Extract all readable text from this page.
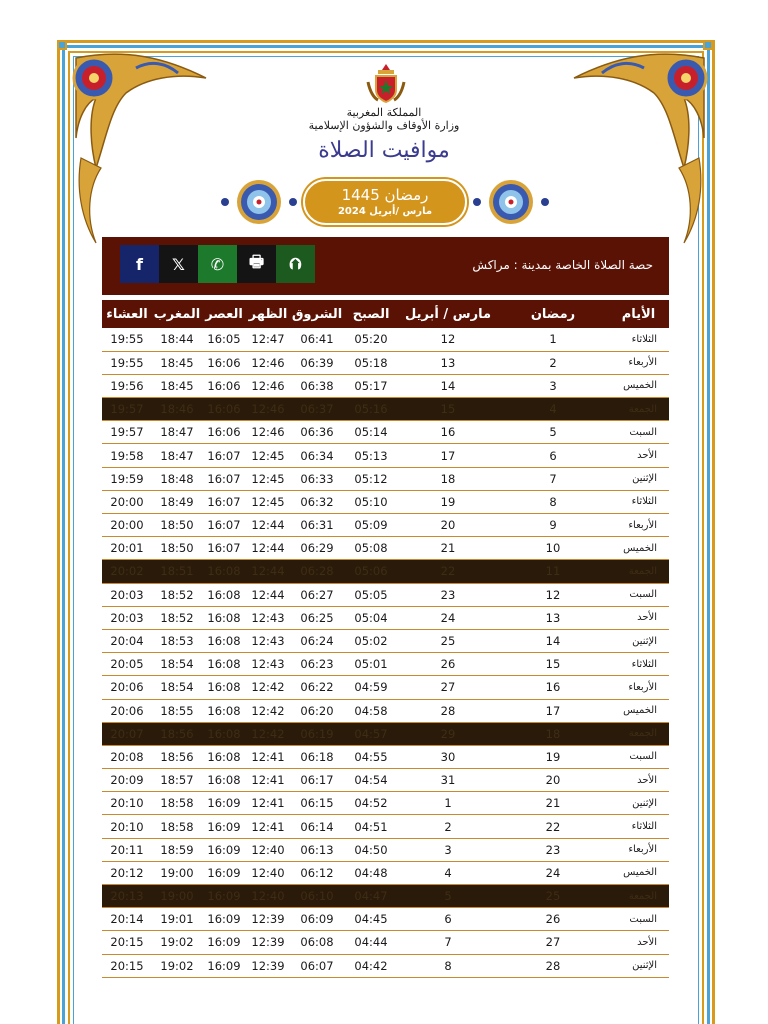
المملكة المغربية
وزارة الأوقاف والشؤون الإسلامية
موافيت الصلاة
رمضان 1445
مارس /أبريل 2024
f	𝕏	✆	🖶	⮉	حصة الصلاة الخاصة بمدينة : مراكش
العشاء	المغرب	العصر	الظهر	الشروق	الصبح	مارس / أبريل	رمضان	الأيام
19:55	18:44	16:05	12:47	06:41	05:20	12	1	الثلاثاء
19:55	18:45	16:06	12:46	06:39	05:18	13	2	الأربعاء
19:56	18:45	16:06	12:46	06:38	05:17	14	3	الخميس
19:57	18:46	16:06	12:46	06:37	05:16	15	4	الجمعة
19:57	18:47	16:06	12:46	06:36	05:14	16	5	السبت
19:58	18:47	16:07	12:45	06:34	05:13	17	6	الأحد
19:59	18:48	16:07	12:45	06:33	05:12	18	7	الإثنين
20:00	18:49	16:07	12:45	06:32	05:10	19	8	الثلاثاء
20:00	18:50	16:07	12:44	06:31	05:09	20	9	الأربعاء
20:01	18:50	16:07	12:44	06:29	05:08	21	10	الخميس
20:02	18:51	16:08	12:44	06:28	05:06	22	11	الجمعة
20:03	18:52	16:08	12:44	06:27	05:05	23	12	السبت
20:03	18:52	16:08	12:43	06:25	05:04	24	13	الأحد
20:04	18:53	16:08	12:43	06:24	05:02	25	14	الإثنين
20:05	18:54	16:08	12:43	06:23	05:01	26	15	الثلاثاء
20:06	18:54	16:08	12:42	06:22	04:59	27	16	الأربعاء
20:06	18:55	16:08	12:42	06:20	04:58	28	17	الخميس
20:07	18:56	16:08	12:42	06:19	04:57	29	18	الجمعة
20:08	18:56	16:08	12:41	06:18	04:55	30	19	السبت
20:09	18:57	16:08	12:41	06:17	04:54	31	20	الأحد
20:10	18:58	16:09	12:41	06:15	04:52	1	21	الإثنين
20:10	18:58	16:09	12:41	06:14	04:51	2	22	الثلاثاء
20:11	18:59	16:09	12:40	06:13	04:50	3	23	الأربعاء
20:12	19:00	16:09	12:40	06:12	04:48	4	24	الخميس
20:13	19:00	16:09	12:40	06:10	04:47	5	25	الجمعة
20:14	19:01	16:09	12:39	06:09	04:45	6	26	السبت
20:15	19:02	16:09	12:39	06:08	04:44	7	27	الأحد
20:15	19:02	16:09	12:39	06:07	04:42	8	28	الإثنين
